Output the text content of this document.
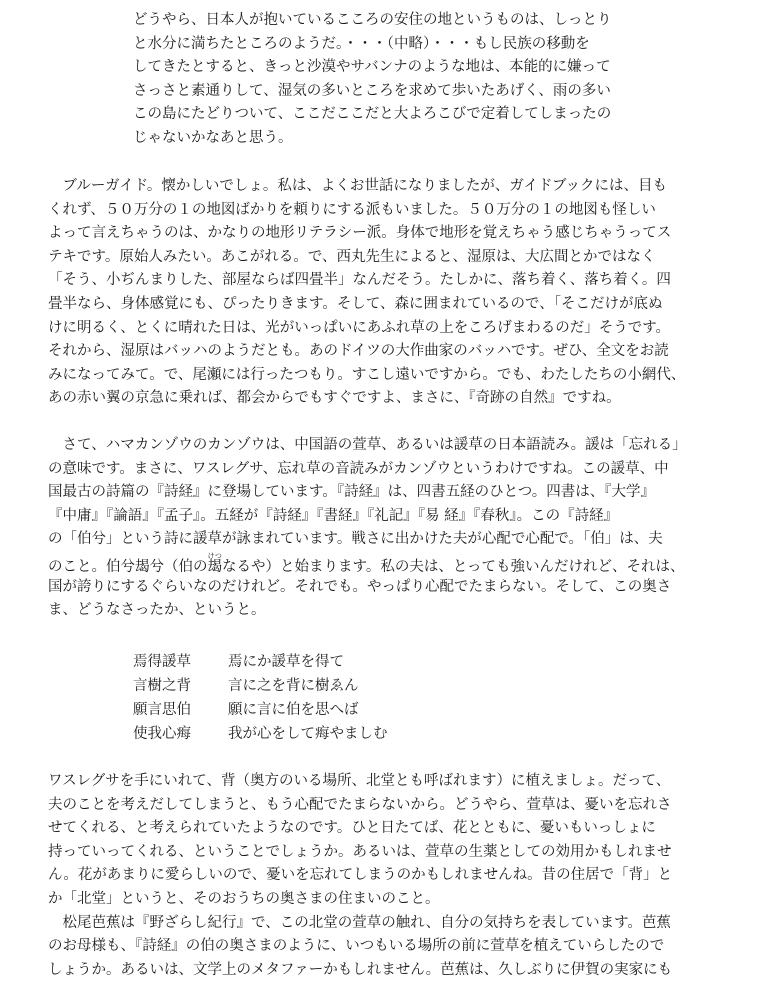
どうやら、日本人が抱いているこころの安住の地というものは、しっとり
と水分に満ちたところのようだ。・・・（中略）・・・もし民族の移動を
してきたとすると、きっと沙漠やサバンナのような地は、本能的に嫌って
さっさと素通りして、湿気の多いところを求めて歩いたあげく、雨の多い
この島にたどりついて、ここだここだと大よろこびで定着してしまったの
じゃないかなあと思う。
　ブルーガイド。懐かしいでしょ。私は、よくお世話になりましたが、ガイドブックには、目も
くれず、５０万分の１の地図ばかりを頼りにする派もいました。５０万分の１の地図も怪しい
よって言えちゃうのは、かなりの地形リテラシー派。身体で地形を覚えちゃう感じちゃうってス
テキです。原始人みたい。あこがれる。で、西丸先生によると、湿原は、大広間とかではなく
「そう、小ぢんまりした、部屋ならば四畳半」なんだそう。たしかに、落ち着く、落ち着く。四
畳半なら、身体感覚にも、ぴったりきます。そして、森に囲まれているので、「そこだけが底ぬ
けに明るく、とくに晴れた日は、光がいっぱいにあふれ草の上をころげまわるのだ」そうです。
それから、湿原はバッハのようだとも。あのドイツの大作曲家のバッハです。ぜひ、全文をお読
みになってみて。で、尾瀬には行ったつもり。すこし遠いですから。でも、わたしたちの小網代、
あの赤い翼の京急に乗れば、都会からでもすぐですよ、まさに、『奇跡の自然』ですね。
　さて、ハマカンゾウのカンゾウは、中国語の萱草、あるいは諼草の日本語読み。諼は「忘れる」
の意味です。まさに、ワスレグサ、忘れ草の音読みがカンゾウというわけですね。この諼草、中
国最古の詩篇の『詩経』に登場しています。『詩経』は、四書五経のひとつ。四書は、『大学』
『中庸』『論語』『孟子』。五経が『詩経』『書経』『礼記』『易 経』『春秋』。この『詩経』
の「伯兮」という詩に諼草が詠まれています。戦さに出かけた夫が心配で心配で。「伯」は、夫
のこと。伯兮朅兮（伯の朅けつなるや）と始まります。私の夫は、とっても強いんだけれど、それは、
国が誇りにするぐらいなのだけれど。それでも。やっぱり心配でたまらない。そして、この奥さ
ま、どうなさったか、というと。
焉得諼草	焉にか諼草を得て
言樹之背	言に之を背に樹ゑん
願言思伯	願に言に伯を思へば
使我心痗	我が心をして痗やましむ
ワスレグサを手にいれて、背（奥方のいる場所、北堂とも呼ばれます）に植えましょ。だって、
夫のことを考えだしてしまうと、もう心配でたまらないから。どうやら、萱草は、憂いを忘れさ
せてくれる、と考えられていたようなのです。ひと日たてば、花とともに、憂いもいっしょに
持っていってくれる、ということでしょうか。あるいは、萱草の生薬としての効用かもしれませ
ん。花があまりに愛らしいので、憂いを忘れてしまうのかもしれませんね。昔の住居で「背」と
か「北堂」というと、そのおうちの奥さまの住まいのこと。
　松尾芭蕉は『野ざらし紀行』で、この北堂の萱草の触れ、自分の気持ちを表しています。芭蕉
のお母様も、『詩経』の伯の奥さまのように、いつもいる場所の前に萱草を植えていらしたので
しょうか。あるいは、文学上のメタファーかもしれません。芭蕉は、久しぶりに伊賀の実家にも
